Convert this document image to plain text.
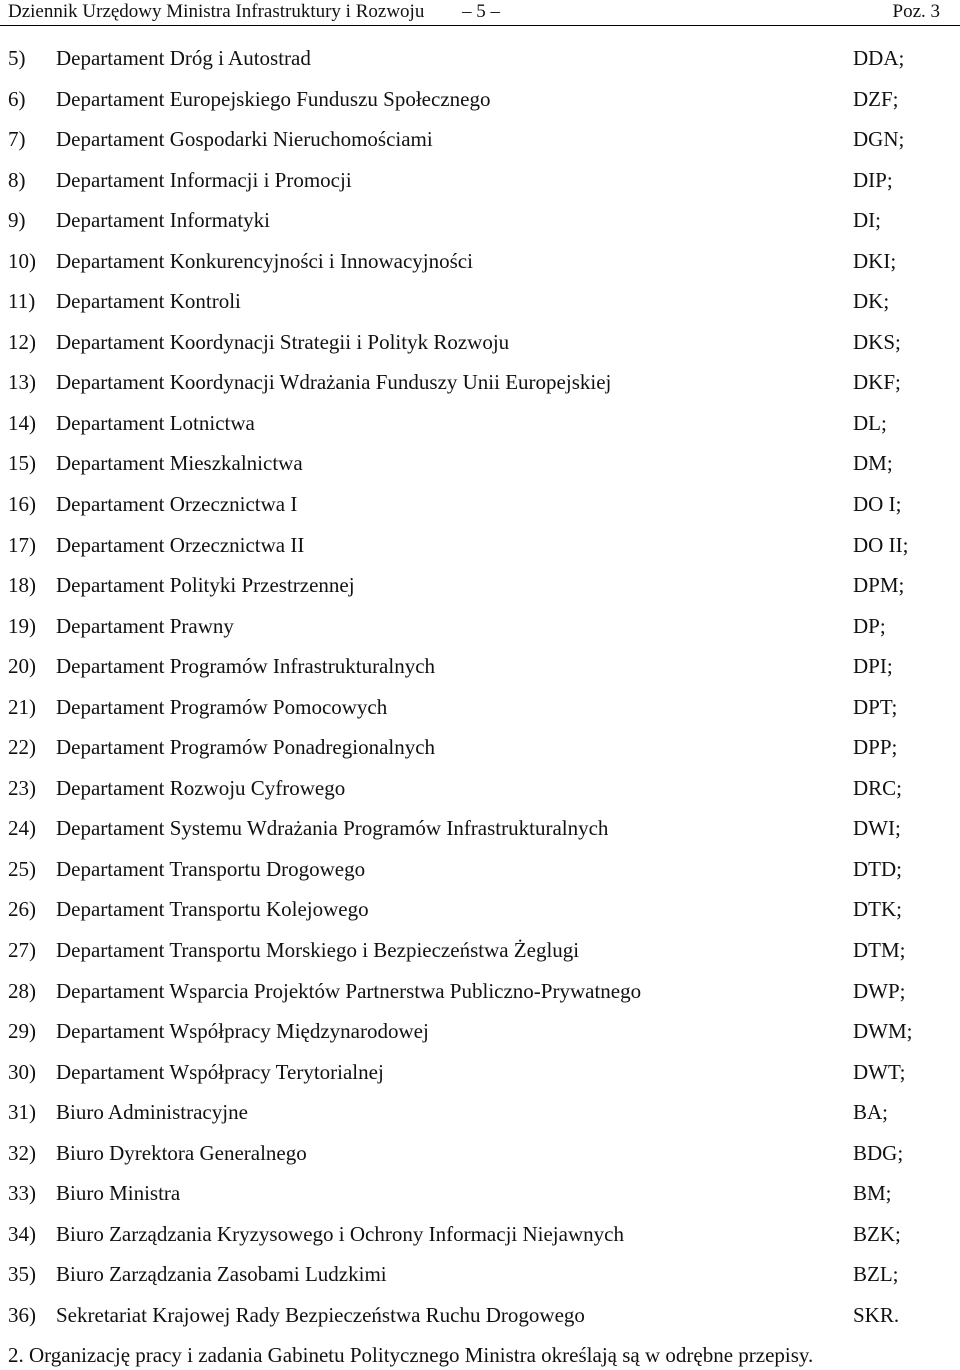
Dziennik Urzędowy Ministra Infrastruktury i Rozwoju – 5 –	Poz. 3
5) Departament Dróg i Autostrad	DDA;
6) Departament Europejskiego Funduszu Społecznego	DZF;
7) Departament Gospodarki Nieruchomościami	DGN;
8) Departament Informacji i Promocji	DIP;
9) Departament Informatyki	DI;
10) Departament Konkurencyjności i Innowacyjności	DKI;
11) Departament Kontroli	DK;
12) Departament Koordynacji Strategii i Polityk Rozwoju	DKS;
13) Departament Koordynacji Wdrażania Funduszy Unii Europejskiej	DKF;
14) Departament Lotnictwa	DL;
15) Departament Mieszkalnictwa	DM;
16) Departament Orzecznictwa I	DO I;
17) Departament Orzecznictwa II	DO II;
18) Departament Polityki Przestrzennej	DPM;
19) Departament Prawny	DP;
20) Departament Programów Infrastrukturalnych	DPI;
21) Departament Programów Pomocowych	DPT;
22) Departament Programów Ponadregionalnych	DPP;
23) Departament Rozwoju Cyfrowego	DRC;
24) Departament Systemu Wdrażania Programów Infrastrukturalnych	DWI;
25) Departament Transportu Drogowego	DTD;
26) Departament Transportu Kolejowego	DTK;
27) Departament Transportu Morskiego i Bezpieczeństwa Żeglugi	DTM;
28) Departament Wsparcia Projektów Partnerstwa Publiczno-Prywatnego	DWP;
29) Departament Współpracy Międzynarodowej	DWM;
30) Departament Współpracy Terytorialnej	DWT;
31) Biuro Administracyjne	BA;
32) Biuro Dyrektora Generalnego	BDG;
33) Biuro Ministra	BM;
34) Biuro Zarządzania Kryzysowego i Ochrony Informacji Niejawnych	BZK;
35) Biuro Zarządzania Zasobami Ludzkimi	BZL;
36) Sekretariat Krajowej Rady Bezpieczeństwa Ruchu Drogowego	SKR.
2. Organizację pracy i zadania Gabinetu Politycznego Ministra określają są w odrębne przepisy.
